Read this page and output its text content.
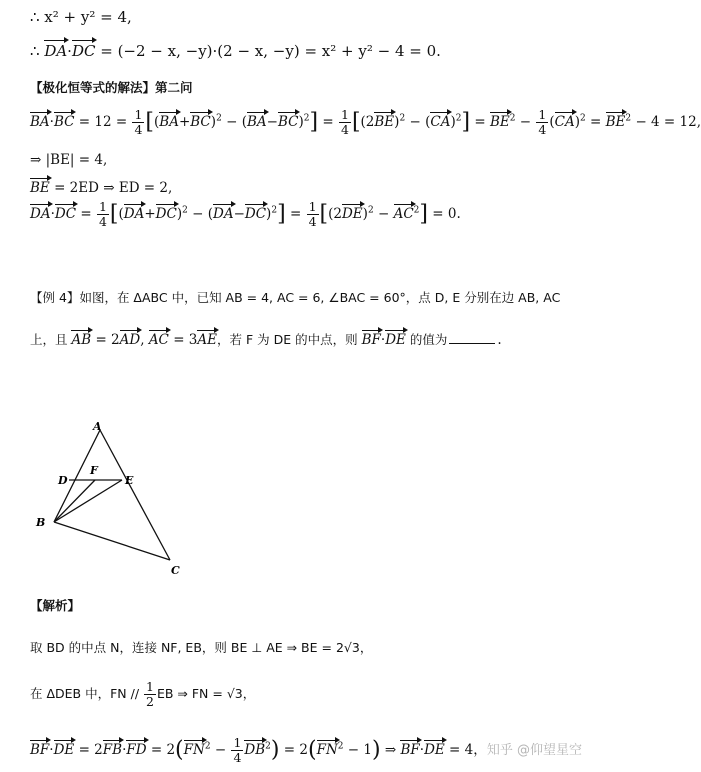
∴ x² + y² = 4,
∴ DA·DC = (−2 − x, −y)·(2 − x, −y) = x² + y² − 4 = 0.
【极化恒等式的解法】第二问
$BA\cdot BC = 12 = \frac{1}{4} [(BA+BC)^2 - (BA-BC)^2] = \frac{1}{4} [(2BE)^2 - (CA)^2] = BE^2 - \frac{1}{4} (CA)^2 = BE^2 - 4 = 12$,
⇒ |BE| = 4,
BE = 2ED ⇒ ED = 2,
$DA\cdot DC = \frac{1}{4} [(DA+DC)^2 - (DA-DC)^2] = \frac{1}{4} [(2DE)^2 - AC^2] = 0$.
【例 4】如图，在 ΔABC 中，已知 AB = 4, AC = 6, ∠BAC = 60°，点 D, E 分别在边 AB, AC
上，且 AB = 2AD, AC = 3AE，若 F 为 DE 的中点，则 BF·DE 的值为	.
A
D
F
E
B
C
【解析】
取 BD 的中点 N，连接 NF, EB，则 BE ⊥ AE ⇒ BE = 2√3，
在 ΔDEB 中，FN // $\frac{1}{2}$ EB ⇒ FN = √3，
$BF\cdot DE = 2FB\cdot FD = 2(FN^2 - \frac{1}{4} DB^2) = 2(FN^2 - 1)$ ⇒ BF·DE = 4， 知乎 @仰望星空
